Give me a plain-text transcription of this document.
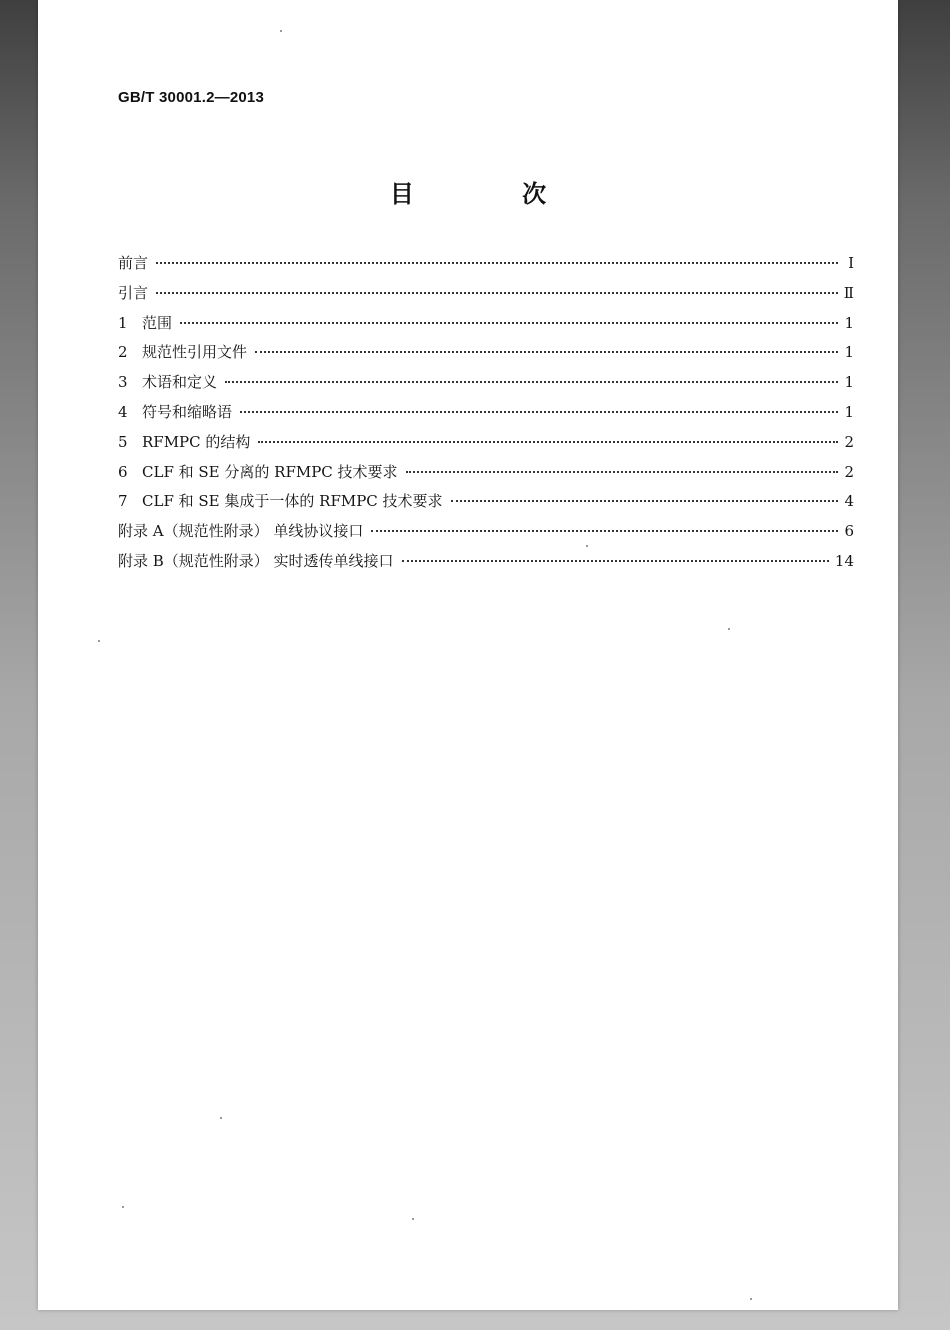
GB/T 30001.2—2013
目 次
前言	Ⅰ
引言	Ⅱ
1 范围	1
2 规范性引用文件	1
3 术语和定义	1
4 符号和缩略语	1
5 RFMPC 的结构	2
6 CLF 和 SE 分离的 RFMPC 技术要求	2
7 CLF 和 SE 集成于一体的 RFMPC 技术要求	4
附录 A（规范性附录） 单线协议接口	6
附录 B（规范性附录） 实时透传单线接口	14
